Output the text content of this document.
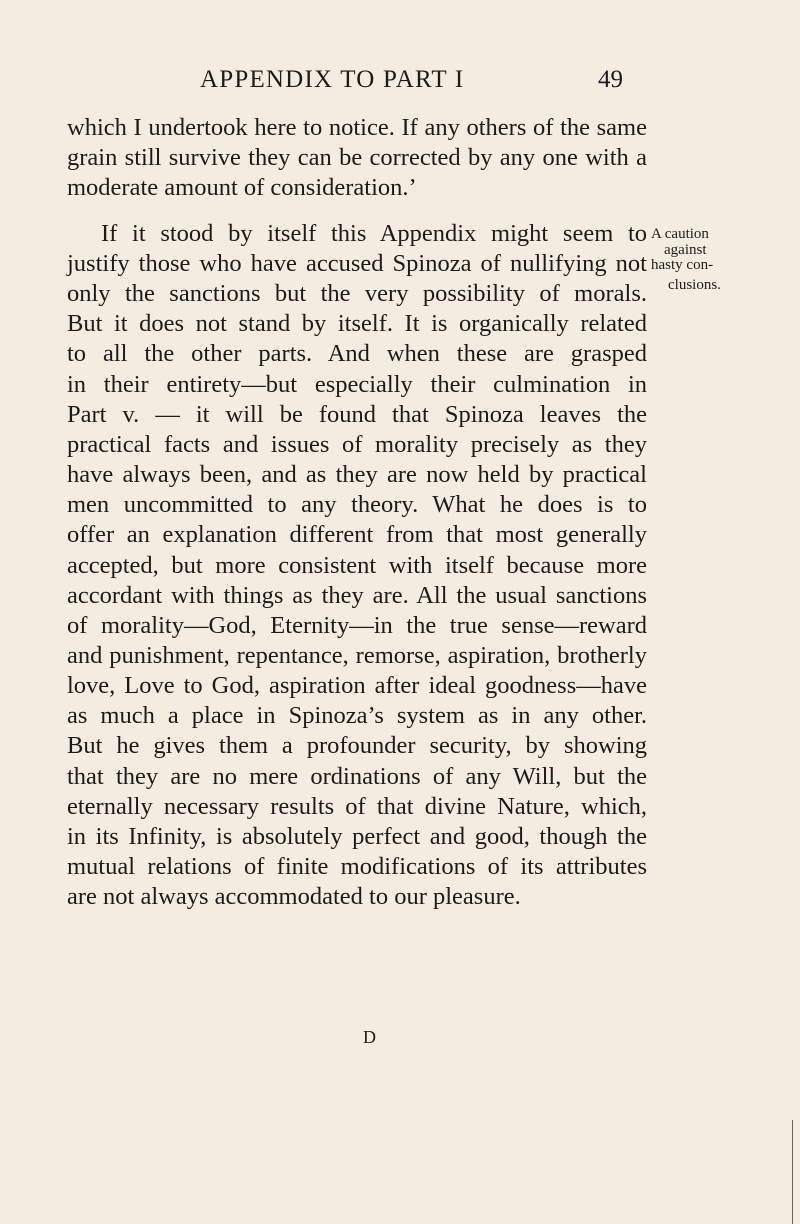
APPENDIX TO PART I	49
which I undertook here to notice. If any others of the same
grain still survive they can be corrected by any one with a
moderate amount of consideration.’
If it stood by itself this Appendix might seem to
justify those who have accused Spinoza of nullifying not
only the sanctions but the very possibility of morals.
But it does not stand by itself. It is organically related
to all the other parts. And when these are grasped
in their entirety—but especially their culmination in
Part v. — it will be found that Spinoza leaves the
practical facts and issues of morality precisely as they
have always been, and as they are now held by practical
men uncommitted to any theory. What he does is to
offer an explanation different from that most generally
accepted, but more consistent with itself because more
accordant with things as they are. All the usual sanctions
of morality—God, Eternity—in the true sense—reward
and punishment, repentance, remorse, aspiration, brotherly
love, Love to God, aspiration after ideal goodness—have
as much a place in Spinoza’s system as in any other.
But he gives them a profounder security, by showing
that they are no mere ordinations of any Will, but the
eternally necessary results of that divine Nature, which,
in its Infinity, is absolutely perfect and good, though the
mutual relations of finite modifications of its attributes
are not always accommodated to our pleasure.
A caution
against
hasty con-
clusions.
D
